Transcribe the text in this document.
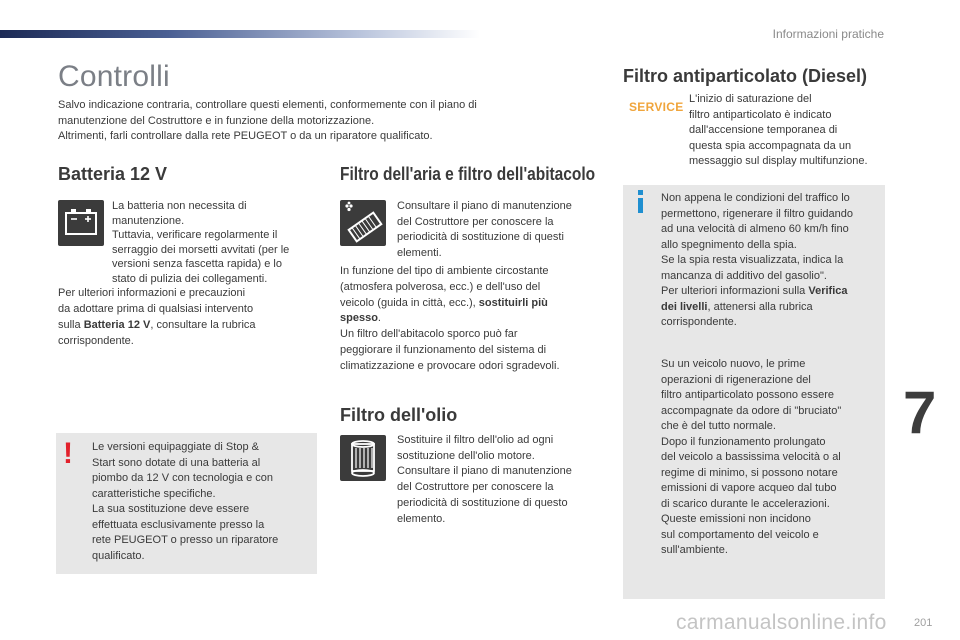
Informazioni pratiche
Controlli
Salvo indicazione contraria, controllare questi elementi, conformemente con il piano di
manutenzione del Costruttore e in funzione della motorizzazione.
Altrimenti, farli controllare dalla rete PEUGEOT o da un riparatore qualificato.
Batteria 12 V
La batteria non necessita di
manutenzione.
Tuttavia, verificare regolarmente il
serraggio dei morsetti avvitati (per le
versioni senza fascetta rapida) e lo
stato di pulizia dei collegamenti.
Per ulteriori informazioni e precauzioni
da adottare prima di qualsiasi intervento
sulla Batteria 12 V, consultare la rubrica
corrispondente.
! Le versioni equipaggiate di Stop &
Start sono dotate di una batteria al
piombo da 12 V con tecnologia e con
caratteristiche specifiche.
La sua sostituzione deve essere
effettuata esclusivamente presso la
rete PEUGEOT o presso un riparatore
qualificato.
Filtro dell'aria e filtro dell'abitacolo
Consultare il piano di manutenzione
del Costruttore per conoscere la
periodicità di sostituzione di questi
elementi.
In funzione del tipo di ambiente circostante
(atmosfera polverosa, ecc.) e dell'uso del
veicolo (guida in città, ecc.), sostituirli più
spesso.
Un filtro dell'abitacolo sporco può far
peggiorare il funzionamento del sistema di
climatizzazione e provocare odori sgradevoli.
Filtro dell'olio
Sostituire il filtro dell'olio ad ogni
sostituzione dell'olio motore.
Consultare il piano di manutenzione
del Costruttore per conoscere la
periodicità di sostituzione di questo
elemento.
Filtro antiparticolato (Diesel)
SERVICE
L'inizio di saturazione del
filtro antiparticolato è indicato
dall'accensione temporanea di
questa spia accompagnata da un
messaggio sul display multifunzione.
Non appena le condizioni del traffico lo
permettono, rigenerare il filtro guidando
ad una velocità di almeno 60 km/h fino
allo spegnimento della spia.
Se la spia resta visualizzata, indica la
mancanza di additivo del gasolio".
Per ulteriori informazioni sulla Verifica
dei livelli, attenersi alla rubrica
corrispondente.
Su un veicolo nuovo, le prime
operazioni di rigenerazione del
filtro antiparticolato possono essere
accompagnate da odore di "bruciato"
che è del tutto normale.
Dopo il funzionamento prolungato
del veicolo a bassissima velocità o al
regime di minimo, si possono notare
emissioni di vapore acqueo dal tubo
di scarico durante le accelerazioni.
Queste emissioni non incidono
sul comportamento del veicolo e
sull'ambiente.
7
carmanualsonline.info 201
